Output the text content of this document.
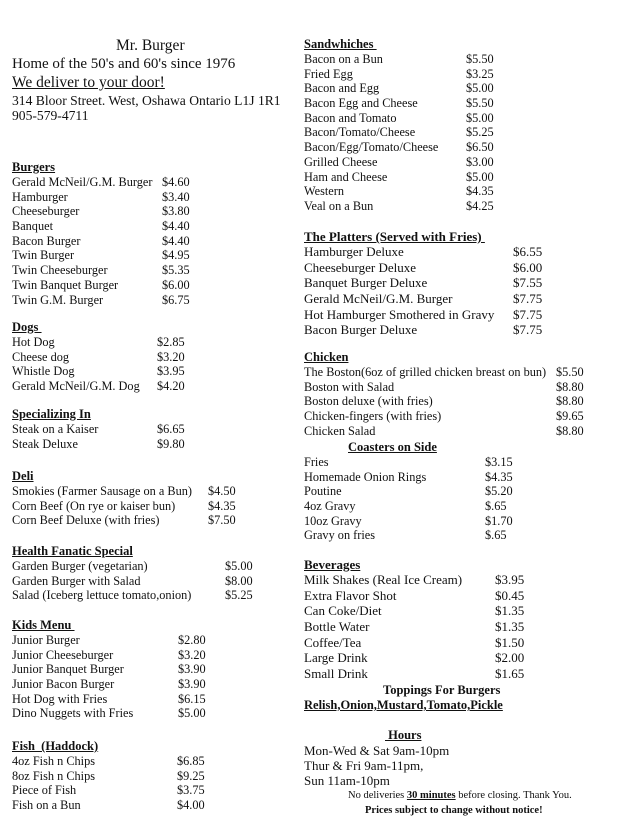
Mr. Burger
Home of the 50's and 60's since 1976
We deliver to your door!
314 Bloor Street. West, Oshawa Ontario L1J 1R1
905-579-4711
Burgers
Gerald McNeil/G.M. Burger $4.60
Hamburger	$3.40
Cheeseburger	$3.80
Banquet	$4.40
Bacon Burger	$4.40
Twin Burger	$4.95
Twin Cheeseburger	$5.35
Twin Banquet Burger	$6.00
Twin G.M. Burger	$6.75
Dogs
Hot Dog	$2.85
Cheese dog	$3.20
Whistle Dog	$3.95
Gerald McNeil/G.M. Dog $4.20
Specializing In
Steak on a Kaiser	$6.65
Steak Deluxe	$9.80
Deli
Smokies (Farmer Sausage on a Bun) $4.50
Corn Beef (On rye or kaiser bun)	$4.35
Corn Beef Deluxe (with fries)	$7.50
Health Fanatic Special
Garden Burger (vegetarian)	$5.00
Garden Burger with Salad	$8.00
Salad (Iceberg lettuce tomato,onion)	$5.25
Kids Menu
Junior Burger	$2.80
Junior Cheeseburger	$3.20
Junior Banquet Burger	$3.90
Junior Bacon Burger	$3.90
Hot Dog with Fries	$6.15
Dino Nuggets with Fries	$5.00
Fish  (Haddock)
4oz Fish n Chips	$6.85
8oz Fish n Chips	$9.25
Piece of Fish	$3.75
Fish on a Bun	$4.00
Sandwhiches
Bacon on a Bun	$5.50
Fried Egg	$3.25
Bacon and Egg	$5.00
Bacon Egg and Cheese	$5.50
Bacon and Tomato	$5.00
Bacon/Tomato/Cheese	$5.25
Bacon/Egg/Tomato/Cheese $6.50
Grilled Cheese	$3.00
Ham and Cheese	$5.00
Western	$4.35
Veal on a Bun	$4.25
The Platters (Served with Fries)
Hamburger Deluxe	$6.55
Cheeseburger Deluxe	$6.00
Banquet Burger Deluxe	$7.55
Gerald McNeil/G.M. Burger	$7.75
Hot Hamburger Smothered in Gravy $7.75
Bacon Burger Deluxe	$7.75
Chicken
The Boston(6oz of grilled chicken breast on bun) $5.50
Boston with Salad	$8.80
Boston deluxe (with fries)	$8.80
Chicken-fingers (with fries)	$9.65
Chicken Salad	$8.80
Coasters on Side
Fries	$3.15
Homemade Onion Rings	$4.35
Poutine	$5.20
4oz Gravy	$.65
10oz Gravy	$1.70
Gravy on fries	$.65
Beverages
Milk Shakes (Real Ice Cream)	$3.95
Extra Flavor Shot	$0.45
Can Coke/Diet	$1.35
Bottle Water	$1.35
Coffee/Tea	$1.50
Large Drink	$2.00
Small Drink	$1.65
Toppings For Burgers
Relish,Onion,Mustard,Tomato,Pickle
Hours
Mon-Wed & Sat 9am-10pm
Thur & Fri 9am-11pm,
Sun 11am-10pm
No deliveries 30 minutes before closing. Thank You.
Prices subject to change without notice!
